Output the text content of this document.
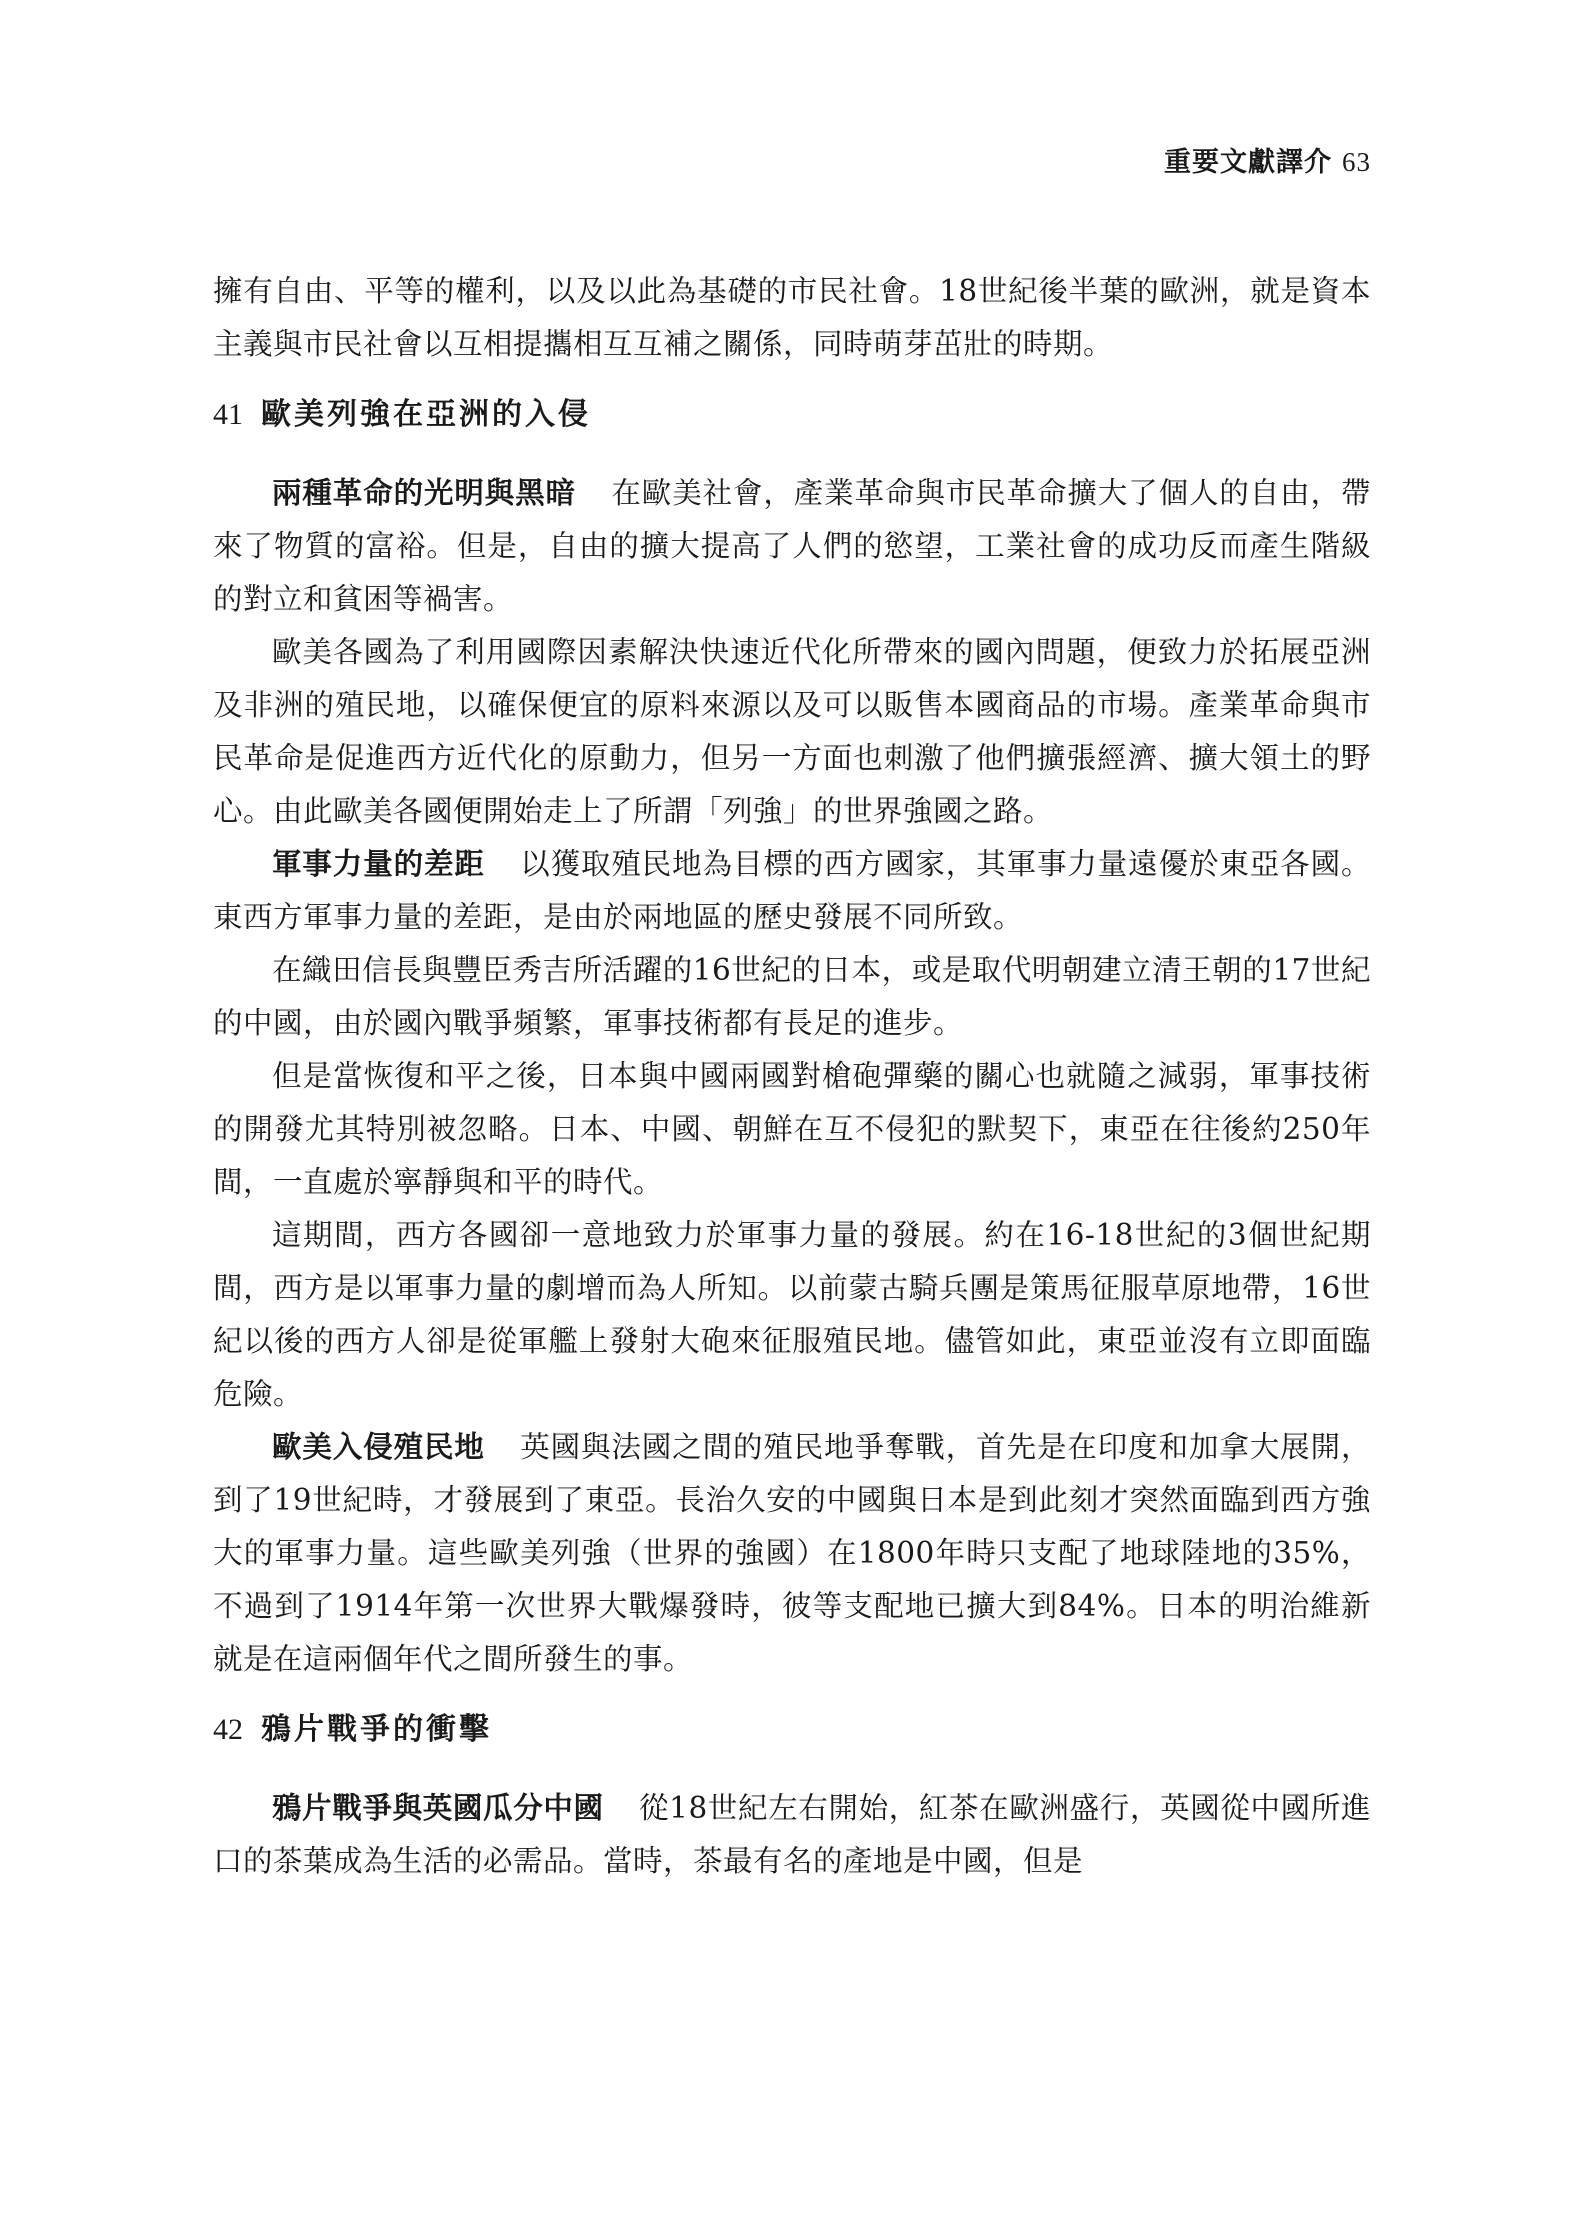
重要文獻譯介 63

擁有自由、平等的權利，以及以此為基礎的市民社會。18世紀後半葉的歐洲，就是資本主義與市民社會以互相提攜相互互補之關係，同時萌芽茁壯的時期。

41 歐美列強在亞洲的入侵

兩種革命的光明與黑暗 在歐美社會，產業革命與市民革命擴大了個人的自由，帶來了物質的富裕。但是，自由的擴大提高了人們的慾望，工業社會的成功反而產生階級的對立和貧困等禍害。

歐美各國為了利用國際因素解決快速近代化所帶來的國內問題，便致力於拓展亞洲及非洲的殖民地，以確保便宜的原料來源以及可以販售本國商品的市場。產業革命與市民革命是促進西方近代化的原動力，但另一方面也刺激了他們擴張經濟、擴大領土的野心。由此歐美各國便開始走上了所謂「列強」的世界強國之路。

軍事力量的差距 以獲取殖民地為目標的西方國家，其軍事力量遠優於東亞各國。東西方軍事力量的差距，是由於兩地區的歷史發展不同所致。

在織田信長與豐臣秀吉所活躍的16世紀的日本，或是取代明朝建立清王朝的17世紀的中國，由於國內戰爭頻繁，軍事技術都有長足的進步。

但是當恢復和平之後，日本與中國兩國對槍砲彈藥的關心也就隨之減弱，軍事技術的開發尤其特別被忽略。日本、中國、朝鮮在互不侵犯的默契下，東亞在往後約250年間，一直處於寧靜與和平的時代。

這期間，西方各國卻一意地致力於軍事力量的發展。約在16-18世紀的3個世紀期間，西方是以軍事力量的劇增而為人所知。以前蒙古騎兵團是策馬征服草原地帶，16世紀以後的西方人卻是從軍艦上發射大砲來征服殖民地。儘管如此，東亞並沒有立即面臨危險。

歐美入侵殖民地 英國與法國之間的殖民地爭奪戰，首先是在印度和加拿大展開，到了19世紀時，才發展到了東亞。長治久安的中國與日本是到此刻才突然面臨到西方強大的軍事力量。這些歐美列強（世界的強國）在1800年時只支配了地球陸地的35%，不過到了1914年第一次世界大戰爆發時，彼等支配地已擴大到84%。日本的明治維新就是在這兩個年代之間所發生的事。

42 鴉片戰爭的衝擊

鴉片戰爭與英國瓜分中國 從18世紀左右開始，紅茶在歐洲盛行，英國從中國所進口的茶葉成為生活的必需品。當時，茶最有名的產地是中國，但是
